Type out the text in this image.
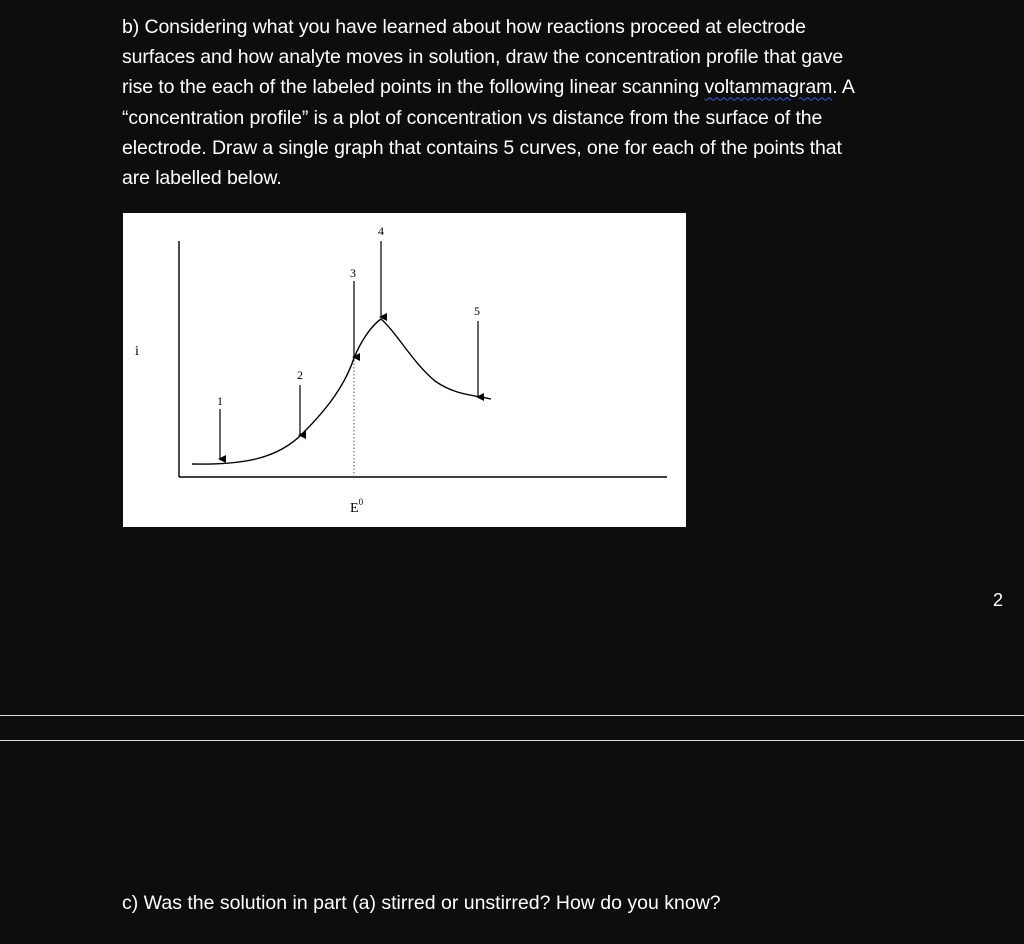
b) Considering what you have learned about how reactions proceed at electrode
surfaces and how analyte moves in solution, draw the concentration profile that gave
rise to the each of the labeled points in the following linear scanning voltammagram. A
“concentration profile” is a plot of concentration vs distance from the surface of the
electrode. Draw a single graph that contains 5 curves, one for each of the points that
are labelled below.
i
1
2
3
4
5
$E^0$
2
c) Was the solution in part (a) stirred or unstirred? How do you know?
